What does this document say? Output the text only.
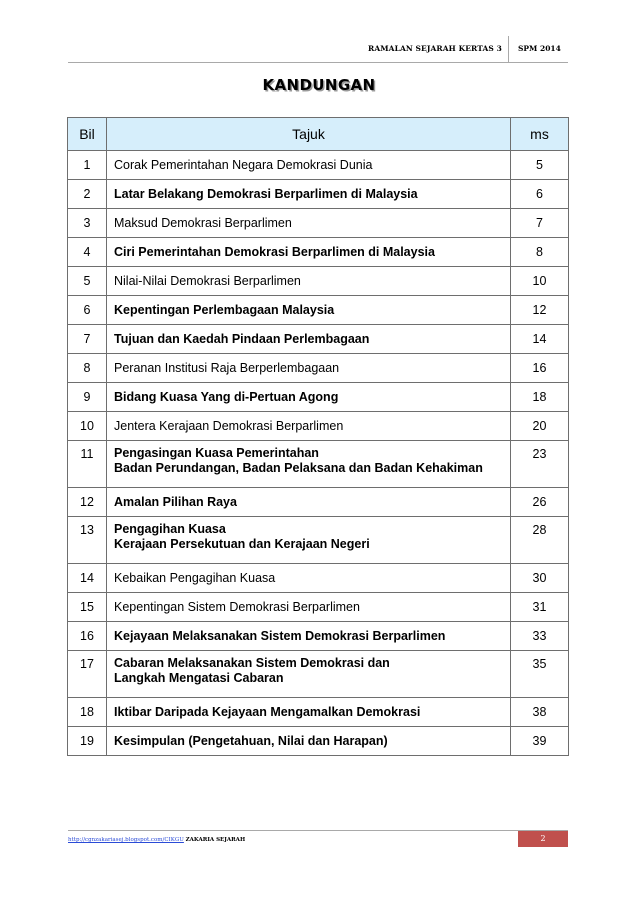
RAMALAN SEJARAH KERTAS 3 SPM 2014
KANDUNGAN
Bil	Tajuk	ms
1	Corak Pemerintahan Negara Demokrasi Dunia	5
2	Latar Belakang Demokrasi Berparlimen di Malaysia	6
3	Maksud Demokrasi Berparlimen	7
4	Ciri Pemerintahan Demokrasi Berparlimen di Malaysia	8
5	Nilai-Nilai Demokrasi Berparlimen	10
6	Kepentingan Perlembagaan Malaysia	12
7	Tujuan dan Kaedah Pindaan Perlembagaan	14
8	Peranan Institusi Raja Berperlembagaan	16
9	Bidang Kuasa Yang di-Pertuan Agong	18
10	Jentera Kerajaan Demokrasi Berparlimen	20
11	Pengasingan Kuasa Pemerintahan
Badan Perundangan, Badan Pelaksana dan Badan Kehakiman	23
12	Amalan Pilihan Raya	26
13	Pengagihan Kuasa
Kerajaan Persekutuan dan Kerajaan Negeri	28
14	Kebaikan Pengagihan Kuasa	30
15	Kepentingan Sistem Demokrasi Berparlimen	31
16	Kejayaan Melaksanakan Sistem Demokrasi Berparlimen	33
17	Cabaran Melaksanakan Sistem Demokrasi dan
Langkah Mengatasi Cabaran	35
18	Iktibar Daripada Kejayaan Mengamalkan Demokrasi	38
19	Kesimpulan (Pengetahuan, Nilai dan Harapan)	39
http://cgnzakariasej.blogspot.com/CIKGU ZAKARIA SEJARAH	2
